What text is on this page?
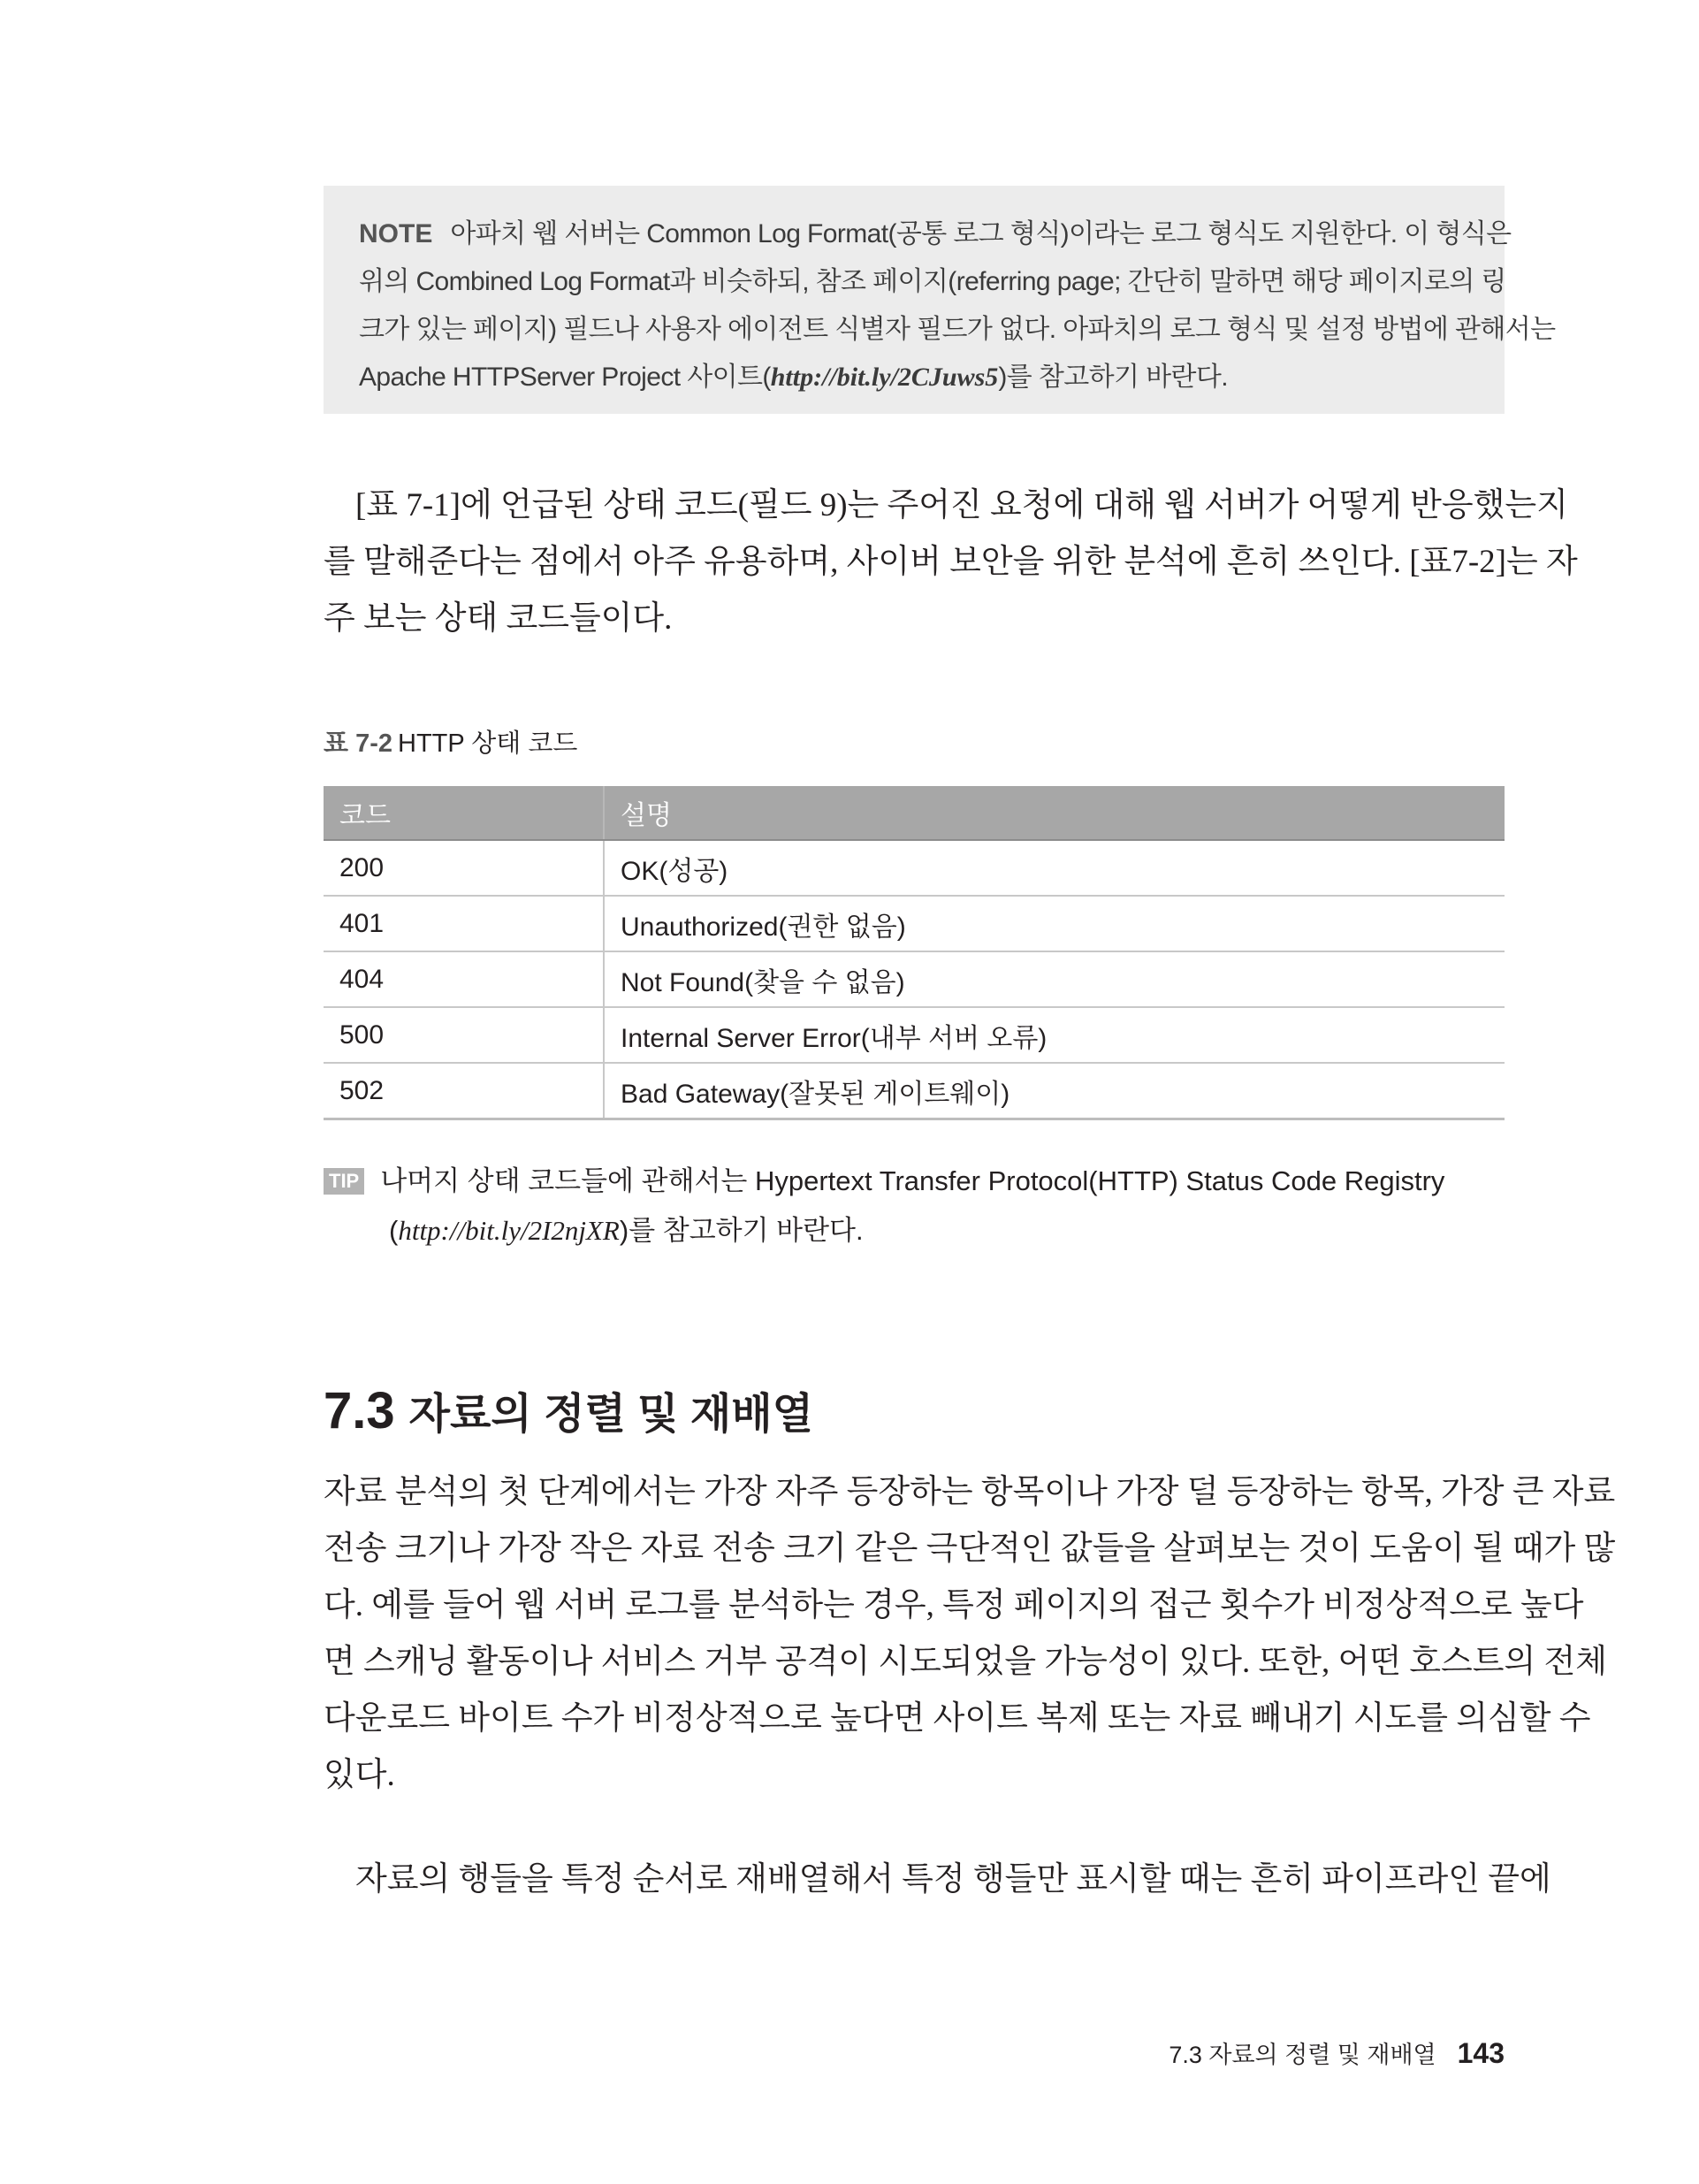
NOTE 아파치 웹 서버는 Common Log Format(공통 로그 형식)이라는 로그 형식도 지원한다. 이 형식은
위의 Combined Log Format과 비슷하되, 참조 페이지(referring page; 간단히 말하면 해당 페이지로의 링
크가 있는 페이지) 필드나 사용자 에이전트 식별자 필드가 없다. 아파치의 로그 형식 및 설정 방법에 관해서는
Apache HTTPServer Project 사이트(http://bit.ly/2CJuws5)를 참고하기 바란다.
[표 7-1]에 언급된 상태 코드(필드 9)는 주어진 요청에 대해 웹 서버가 어떻게 반응했는지
를 말해준다는 점에서 아주 유용하며, 사이버 보안을 위한 분석에 흔히 쓰인다. [표7-2]는 자
주 보는 상태 코드들이다.
표 7-2 HTTP 상태 코드
코드	설명
200	OK(성공)
401	Unauthorized(권한 없음)
404	Not Found(찾을 수 없음)
500	Internal Server Error(내부 서버 오류)
502	Bad Gateway(잘못된 게이트웨이)
TIP 나머지 상태 코드들에 관해서는 Hypertext Transfer Protocol(HTTP) Status Code Registry
(http://bit.ly/2I2njXR)를 참고하기 바란다.
7.3 자료의 정렬 및 재배열
자료 분석의 첫 단계에서는 가장 자주 등장하는 항목이나 가장 덜 등장하는 항목, 가장 큰 자료
전송 크기나 가장 작은 자료 전송 크기 같은 극단적인 값들을 살펴보는 것이 도움이 될 때가 많
다. 예를 들어 웹 서버 로그를 분석하는 경우, 특정 페이지의 접근 횟수가 비정상적으로 높다
면 스캐닝 활동이나 서비스 거부 공격이 시도되었을 가능성이 있다. 또한, 어떤 호스트의 전체
다운로드 바이트 수가 비정상적으로 높다면 사이트 복제 또는 자료 빼내기 시도를 의심할 수
있다.
자료의 행들을 특정 순서로 재배열해서 특정 행들만 표시할 때는 흔히 파이프라인 끝에
7.3 자료의 정렬 및 재배열 143
